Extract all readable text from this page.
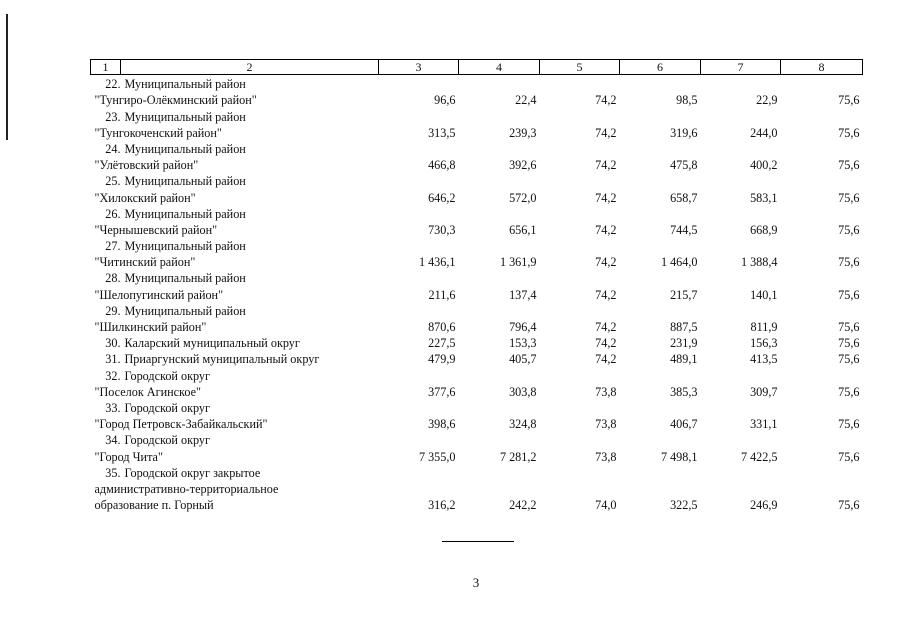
1	2	3	4	5	6	7	8
22. Муниципальный район							
"Тунгиро-Олёкминский район"		96,6	22,4	74,2	98,5	22,9	75,6
23. Муниципальный район							
"Тунгокоченский район"		313,5	239,3	74,2	319,6	244,0	75,6
24. Муниципальный район							
"Улётовский район"		466,8	392,6	74,2	475,8	400,2	75,6
25. Муниципальный район							
"Хилокский район"		646,2	572,0	74,2	658,7	583,1	75,6
26. Муниципальный район							
"Чернышевский район"		730,3	656,1	74,2	744,5	668,9	75,6
27. Муниципальный район							
"Читинский район"		1 436,1	1 361,9	74,2	1 464,0	1 388,4	75,6
28. Муниципальный район							
"Шелопугинский район"		211,6	137,4	74,2	215,7	140,1	75,6
29. Муниципальный район							
"Шилкинский район"		870,6	796,4	74,2	887,5	811,9	75,6
30. Каларский муниципальный округ		227,5	153,3	74,2	231,9	156,3	75,6
31. Приаргунский муниципальный округ		479,9	405,7	74,2	489,1	413,5	75,6
32. Городской округ							
"Поселок Агинское"		377,6	303,8	73,8	385,3	309,7	75,6
33. Городской округ							
"Город Петровск-Забайкальский"		398,6	324,8	73,8	406,7	331,1	75,6
34. Городской округ							
"Город Чита"		7 355,0	7 281,2	73,8	7 498,1	7 422,5	75,6
35. Городской округ закрытое							
административно-территориальное							
образование п. Горный		316,2	242,2	74,0	322,5	246,9	75,6
3
